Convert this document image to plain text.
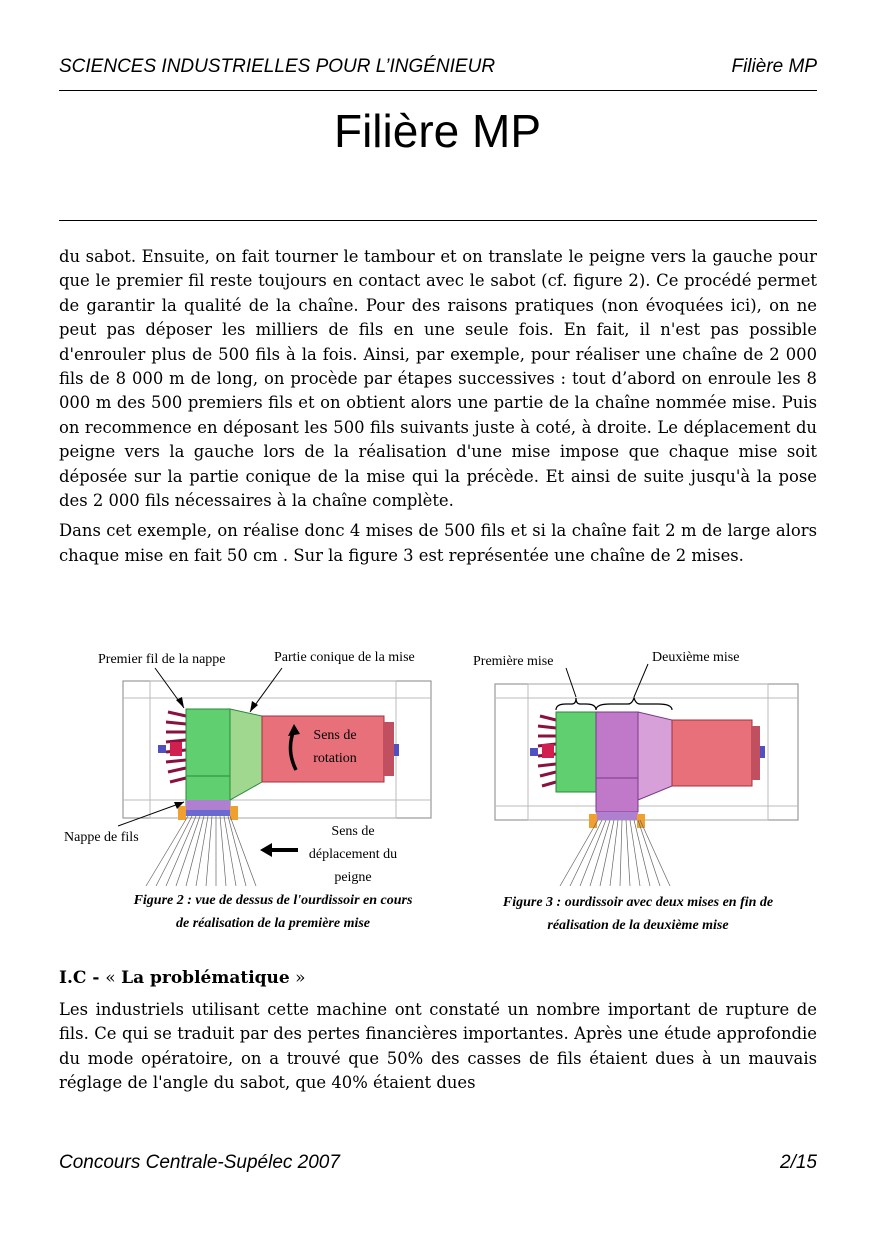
SCIENCES INDUSTRIELLES POUR L’INGÉNIEUR	Filière MP
Filière MP

du sabot. Ensuite, on fait tourner le tambour et on translate le peigne vers la gauche pour que le premier fil reste toujours en contact avec le sabot (cf. figure 2). Ce procédé permet de garantir la qualité de la chaîne. Pour des raisons pratiques (non évoquées ici), on ne peut pas déposer les milliers de fils en une seule fois. En fait, il n'est pas possible d'enrouler plus de 500 fils à la fois. Ainsi, par exemple, pour réaliser une chaîne de 2 000 fils de 8 000 m de long, on procède par étapes successives : tout d’abord on enroule les 8 000 m des 500 premiers fils et on obtient alors une partie de la chaîne nommée mise. Puis on recommence en déposant les 500 fils suivants juste à coté, à droite. Le déplacement du peigne vers la gauche lors de la réalisation d'une mise impose que chaque mise soit déposée sur la partie conique de la mise qui la précède. Et ainsi de suite jusqu'à la pose des 2 000 fils nécessaires à la chaîne complète.

Dans cet exemple, on réalise donc 4 mises de 500 fils et si la chaîne fait 2 m de large alors chaque mise en fait 50 cm . Sur la figure 3 est représentée une chaîne de 2 mises.

Premier fil de la nappe	Partie conique de la mise
Sens de
rotation
Nappe de fils	Sens de
déplacement du
peigne
Figure 2 : vue de dessus de l'ourdissoir en cours
de réalisation de la première mise
Première mise	Deuxième mise
Figure 3 : ourdissoir avec deux mises en fin de
réalisation de la deuxième mise
I.C - « La problématique »

Les industriels utilisant cette machine ont constaté un nombre important de rupture de fils. Ce qui se traduit par des pertes financières importantes. Après une étude approfondie du mode opératoire, on a trouvé que 50% des casses de fils étaient dues à un mauvais réglage de l'angle du sabot, que 40% étaient dues

Concours Centrale-Supélec 2007	2/15
